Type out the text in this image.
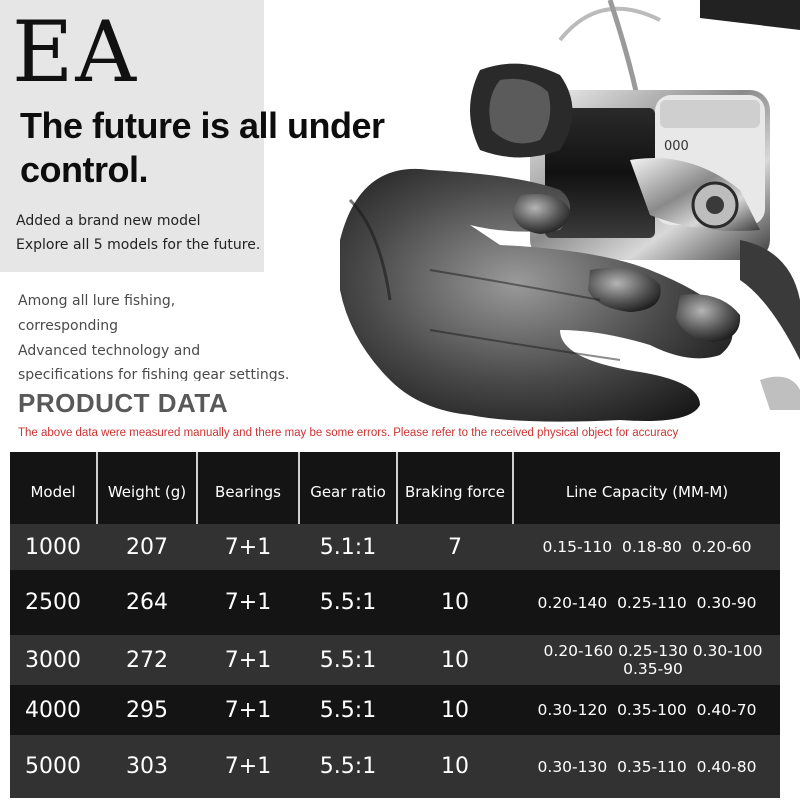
000
EA
The future is all under control.
Added a brand new model
Explore all 5 models for the future.
Among all lure fishing,
corresponding
Advanced technology and
specifications for fishing gear settings.
PRODUCT DATA
The above data were measured manually and there may be some errors. Please refer to the received physical object for accuracy
Model	Weight (g)	Bearings	Gear ratio	Braking force	Line Capacity (MM-M)
1000	207	7+1	5.1:1	7	0.15-110  0.18-80  0.20-60
2500	264	7+1	5.5:1	10	0.20-140  0.25-110  0.30-90
3000	272	7+1	5.5:1	10	0.20-160 0.25-130 0.30-100 0.35-90
4000	295	7+1	5.5:1	10	0.30-120  0.35-100  0.40-70
5000	303	7+1	5.5:1	10	0.30-130  0.35-110  0.40-80
